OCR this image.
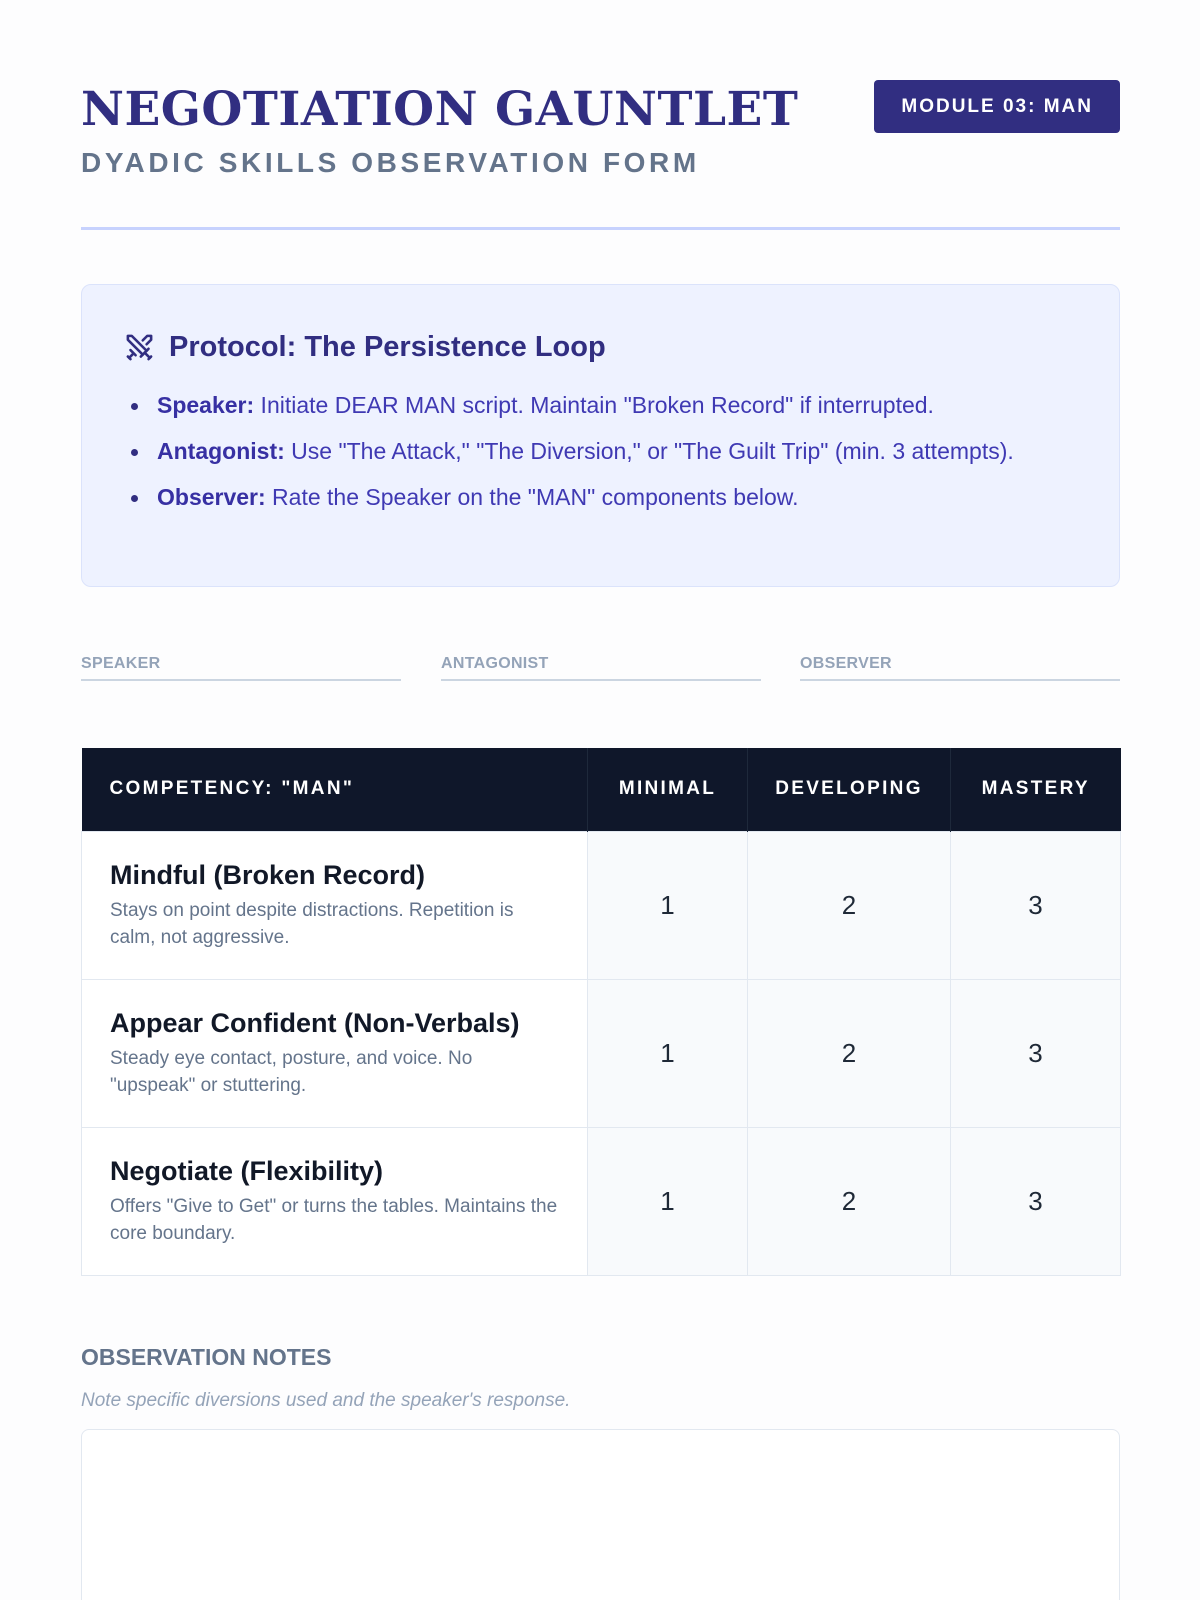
NEGOTIATION GAUNTLET
DYADIC SKILLS OBSERVATION FORM
MODULE 03: MAN
Protocol: The Persistence Loop
Speaker: Initiate DEAR MAN script. Maintain "Broken Record" if interrupted.
Antagonist: Use "The Attack," "The Diversion," or "The Guilt Trip" (min. 3 attempts).
Observer: Rate the Speaker on the "MAN" components below.
SPEAKER	ANTAGONIST	OBSERVER
COMPETENCY: "MAN"	MINIMAL	DEVELOPING	MASTERY

Mindful (Broken Record)
Stays on point despite distractions. Repetition is calm, not aggressive.	1	2	3

Appear Confident (Non-Verbals)
Steady eye contact, posture, and voice. No "upspeak" or stuttering.	1	2	3

Negotiate (Flexibility)
Offers "Give to Get" or turns the tables. Maintains the core boundary.	1	2	3
OBSERVATION NOTES
Note specific diversions used and the speaker's response.
